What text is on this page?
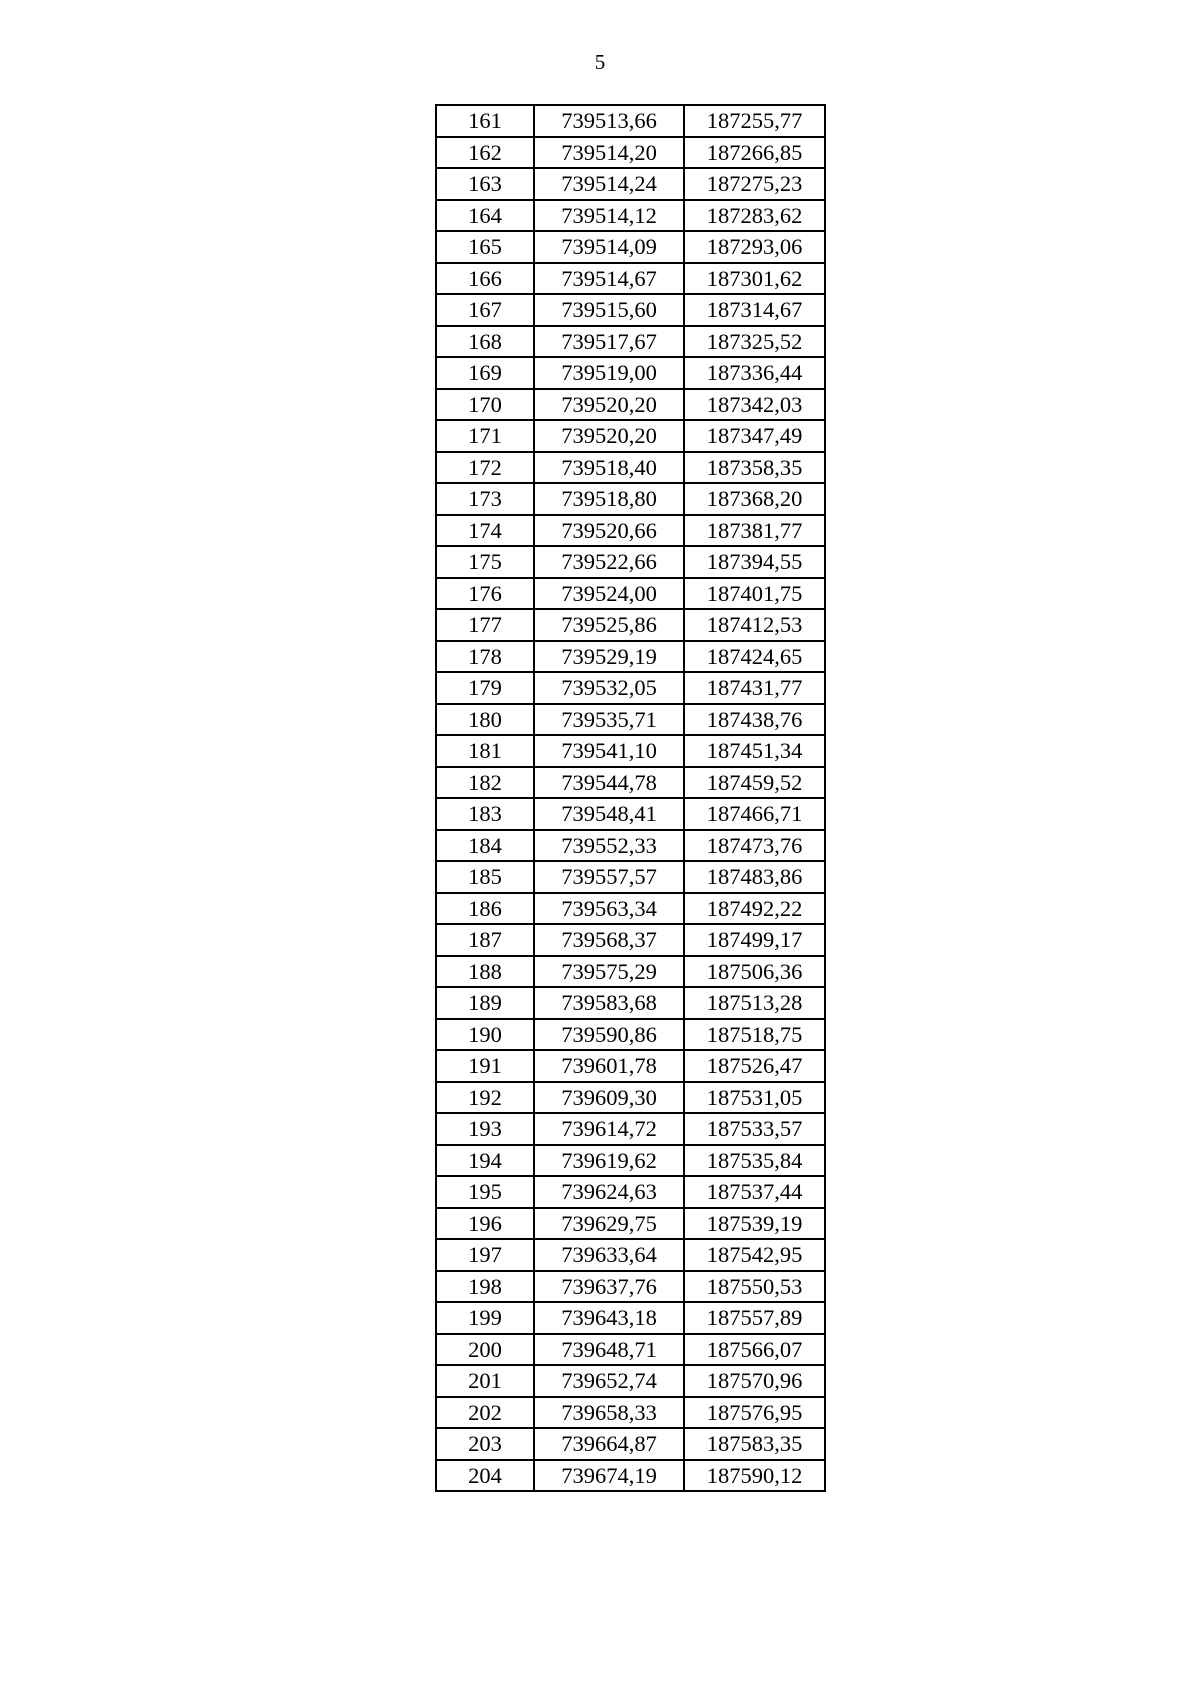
5
161	739513,66	187255,77
162	739514,20	187266,85
163	739514,24	187275,23
164	739514,12	187283,62
165	739514,09	187293,06
166	739514,67	187301,62
167	739515,60	187314,67
168	739517,67	187325,52
169	739519,00	187336,44
170	739520,20	187342,03
171	739520,20	187347,49
172	739518,40	187358,35
173	739518,80	187368,20
174	739520,66	187381,77
175	739522,66	187394,55
176	739524,00	187401,75
177	739525,86	187412,53
178	739529,19	187424,65
179	739532,05	187431,77
180	739535,71	187438,76
181	739541,10	187451,34
182	739544,78	187459,52
183	739548,41	187466,71
184	739552,33	187473,76
185	739557,57	187483,86
186	739563,34	187492,22
187	739568,37	187499,17
188	739575,29	187506,36
189	739583,68	187513,28
190	739590,86	187518,75
191	739601,78	187526,47
192	739609,30	187531,05
193	739614,72	187533,57
194	739619,62	187535,84
195	739624,63	187537,44
196	739629,75	187539,19
197	739633,64	187542,95
198	739637,76	187550,53
199	739643,18	187557,89
200	739648,71	187566,07
201	739652,74	187570,96
202	739658,33	187576,95
203	739664,87	187583,35
204	739674,19	187590,12
